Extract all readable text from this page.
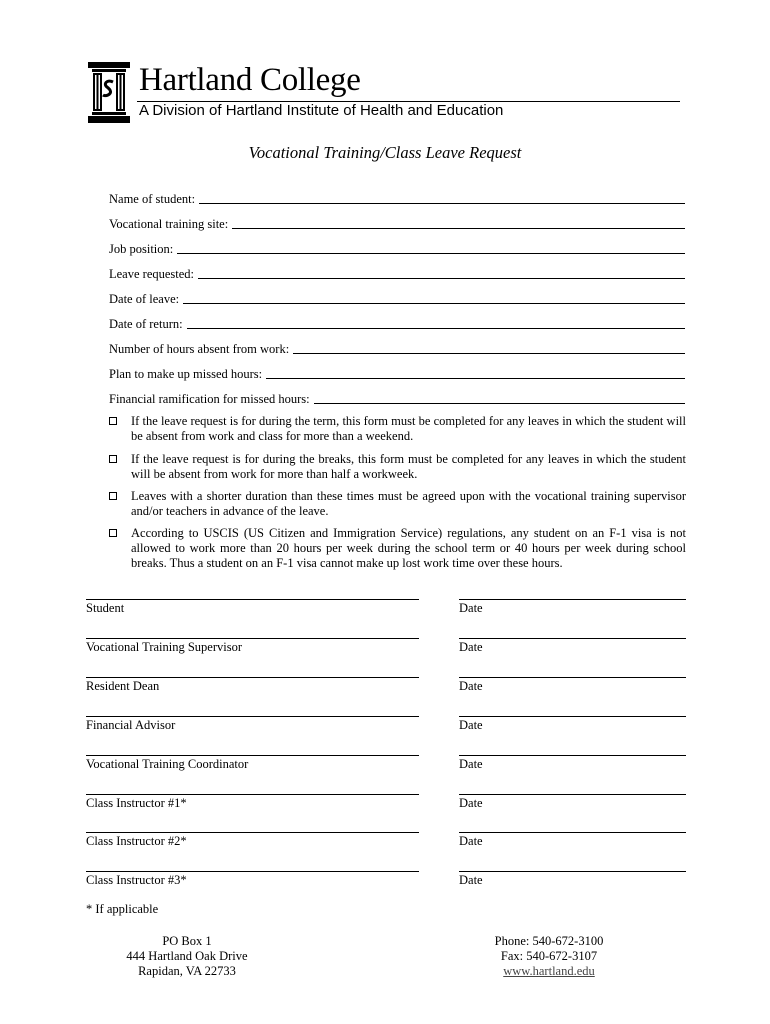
Hartland College
A Division of Hartland Institute of Health and Education
Vocational Training/Class Leave Request
Name of student:
Vocational training site:
Job position:
Leave requested:
Date of leave:
Date of return:
Number of hours absent from work:
Plan to make up missed hours:
Financial ramification for missed hours:
If the leave request is for during the term, this form must be completed for any leaves in which the student will be absent from work and class for more than a weekend.
If the leave request is for during the breaks, this form must be completed for any leaves in which the student will be absent from work for more than half a workweek.
Leaves with a shorter duration than these times must be agreed upon with the vocational training supervisor and/or teachers in advance of the leave.
According to USCIS (US Citizen and Immigration Service) regulations, any student on an F-1 visa is not allowed to work more than 20 hours per week during the school term or 40 hours per week during school breaks. Thus a student on an F-1 visa cannot make up lost work time over these hours.
Student	Date
Vocational Training Supervisor	Date
Resident Dean	Date
Financial Advisor	Date
Vocational Training Coordinator	Date
Class Instructor #1*	Date
Class Instructor #2*	Date
Class Instructor #3*	Date
* If applicable
PO Box 1
444 Hartland Oak Drive
Rapidan, VA 22733
Phone: 540-672-3100
Fax: 540-672-3107
www.hartland.edu
